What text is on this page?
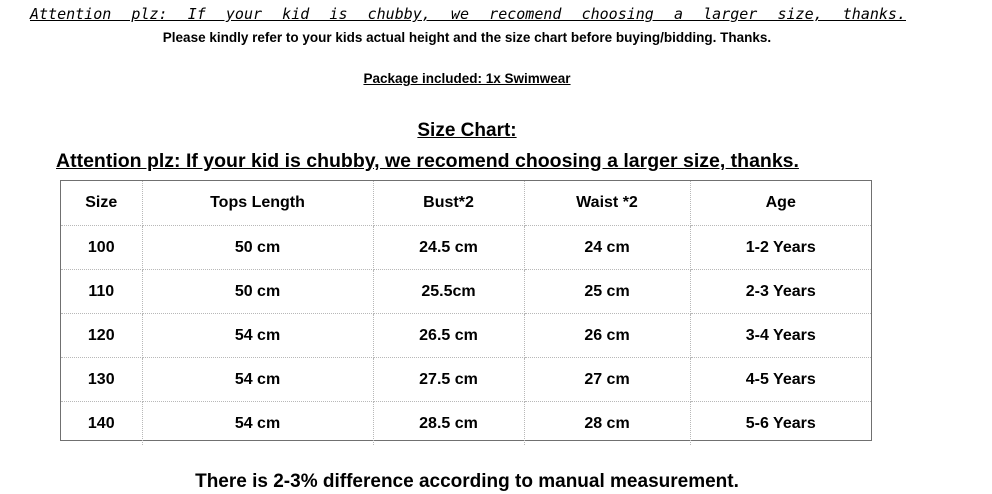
Attention plz: If your kid is chubby, we recomend choosing a larger size, thanks.
Please kindly refer to your kids actual height and the size chart before buying/bidding. Thanks.
Package included: 1x Swimwear
Size Chart:
Attention plz: If your kid is chubby, we recomend choosing a larger size, thanks.
Size	Tops Length	Bust*2	Waist *2	Age
100	50 cm	24.5 cm	24 cm	1-2 Years
110	50 cm	25.5cm	25 cm	2-3 Years
120	54 cm	26.5 cm	26 cm	3-4 Years
130	54 cm	27.5 cm	27 cm	4-5 Years
140	54 cm	28.5 cm	28 cm	5-6 Years
There is 2-3% difference according to manual measurement.
